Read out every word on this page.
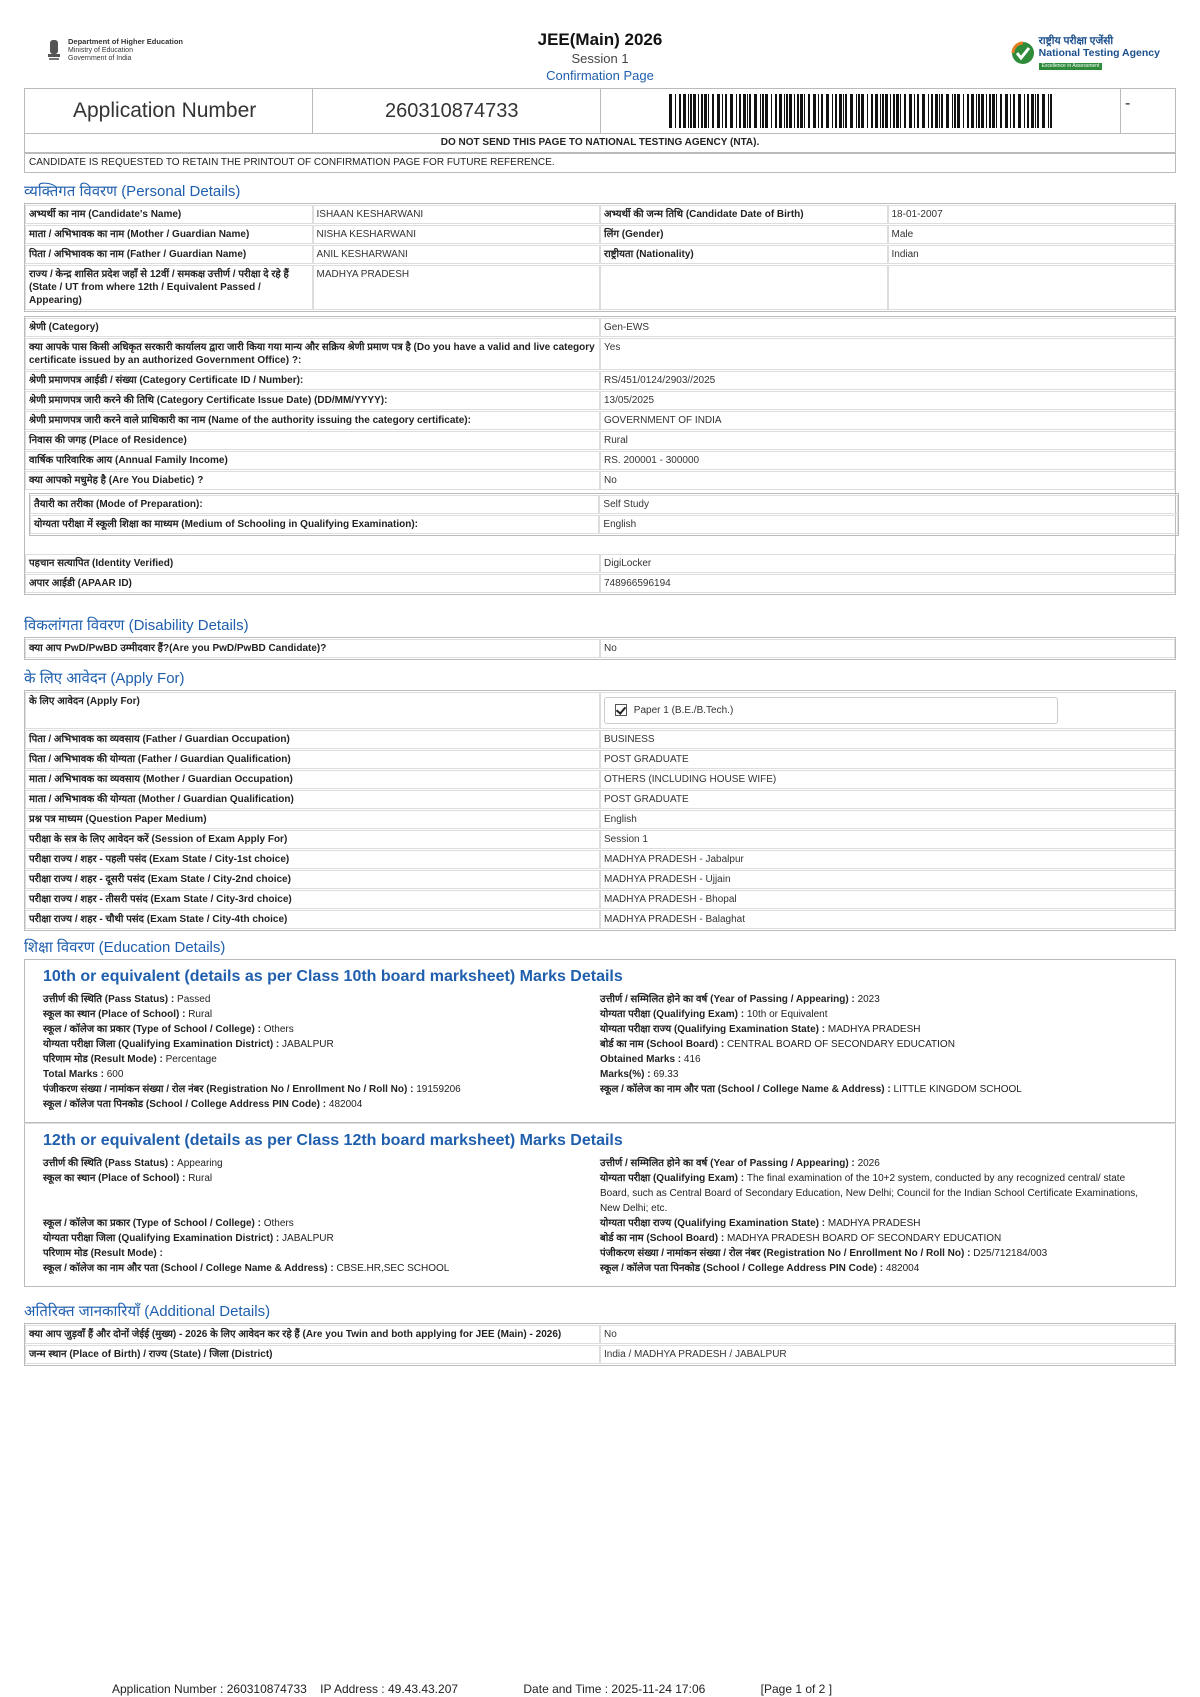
Department of Higher Education
Ministry of Education
Government of India
JEE(Main) 2026
Session 1
Confirmation Page
राष्ट्रीय परीक्षा एजेंसी
National Testing Agency
Excellence in Assessment
Application Number	260310874733	-
DO NOT SEND THIS PAGE TO NATIONAL TESTING AGENCY (NTA).
CANDIDATE IS REQUESTED TO RETAIN THE PRINTOUT OF CONFIRMATION PAGE FOR FUTURE REFERENCE.
व्यक्तिगत विवरण (Personal Details)
अभ्यर्थी का नाम (Candidate's Name)	ISHAAN KESHARWANI	अभ्यर्थी की जन्म तिथि (Candidate Date of Birth)	18-01-2007
माता / अभिभावक का नाम (Mother / Guardian Name)	NISHA KESHARWANI	लिंग (Gender)	Male
पिता / अभिभावक का नाम (Father / Guardian Name)	ANIL KESHARWANI	राष्ट्रीयता (Nationality)	Indian
राज्य / केन्द्र शासित प्रदेश जहाँ से 12वीं / समकक्ष उत्तीर्ण / परीक्षा दे रहे हैं (State / UT from where 12th / Equivalent Passed / Appearing)	MADHYA PRADESH		
श्रेणी (Category)	Gen-EWS
क्या आपके पास किसी अधिकृत सरकारी कार्यालय द्वारा जारी किया गया मान्य और सक्रिय श्रेणी प्रमाण पत्र है (Do you have a valid and live category certificate issued by an authorized Government Office) ?:	Yes
श्रेणी प्रमाणपत्र आईडी / संख्या (Category Certificate ID / Number):	RS/451/0124/2903//2025
श्रेणी प्रमाणपत्र जारी करने की तिथि (Category Certificate Issue Date) (DD/MM/YYYY):	13/05/2025
श्रेणी प्रमाणपत्र जारी करने वाले प्राधिकारी का नाम (Name of the authority issuing the category certificate):	GOVERNMENT OF INDIA
निवास की जगह (Place of Residence)	Rural
वार्षिक पारिवारिक आय (Annual Family Income)	RS. 200001 - 300000
क्या आपको मधुमेह है (Are You Diabetic) ?	No

तैयारी का तरीका (Mode of Preparation):	Self Study
योग्यता परीक्षा में स्कूली शिक्षा का माध्यम (Medium of Schooling in Qualifying Examination):	English

पहचान सत्यापित (Identity Verified)	DigiLocker
अपार आईडी (APAAR ID)	748966596194
विकलांगता विवरण (Disability Details)
क्या आप PwD/PwBD उम्मीदवार हैं?(Are you PwD/PwBD Candidate)?	No
के लिए आवेदन (Apply For)
के लिए आवेदन (Apply For)	Paper 1 (B.E./B.Tech.)

पिता / अभिभावक का व्यवसाय (Father / Guardian Occupation)	BUSINESS
पिता / अभिभावक की योग्यता (Father / Guardian Qualification)	POST GRADUATE
माता / अभिभावक का व्यवसाय (Mother / Guardian Occupation)	OTHERS (INCLUDING HOUSE WIFE)
माता / अभिभावक की योग्यता (Mother / Guardian Qualification)	POST GRADUATE
प्रश्न पत्र माध्यम (Question Paper Medium)	English
परीक्षा के सत्र के लिए आवेदन करें (Session of Exam Apply For)	Session 1
परीक्षा राज्य / शहर - पहली पसंद (Exam State / City-1st choice)	MADHYA PRADESH - Jabalpur
परीक्षा राज्य / शहर - दूसरी पसंद (Exam State / City-2nd choice)	MADHYA PRADESH - Ujjain
परीक्षा राज्य / शहर - तीसरी पसंद (Exam State / City-3rd choice)	MADHYA PRADESH - Bhopal
परीक्षा राज्य / शहर - चौथी पसंद (Exam State / City-4th choice)	MADHYA PRADESH - Balaghat
शिक्षा विवरण (Education Details)
10th or equivalent (details as per Class 10th board marksheet) Marks Details
उत्तीर्ण की स्थिति (Pass Status) : Passed
स्कूल का स्थान (Place of School) : Rural
स्कूल / कॉलेज का प्रकार (Type of School / College) : Others
योग्यता परीक्षा जिला (Qualifying Examination District) : JABALPUR
परिणाम मोड (Result Mode) : Percentage
Total Marks : 600
पंजीकरण संख्या / नामांकन संख्या / रोल नंबर (Registration No / Enrollment No / Roll No) : 19159206
स्कूल / कॉलेज पता पिनकोड (School / College Address PIN Code) : 482004
उत्तीर्ण / सम्मिलित होने का वर्ष (Year of Passing / Appearing) : 2023
योग्यता परीक्षा (Qualifying Exam) : 10th or Equivalent
योग्यता परीक्षा राज्य (Qualifying Examination State) : MADHYA PRADESH
बोर्ड का नाम (School Board) : CENTRAL BOARD OF SECONDARY EDUCATION
Obtained Marks : 416
Marks(%) : 69.33
स्कूल / कॉलेज का नाम और पता (School / College Name & Address) : LITTLE KINGDOM SCHOOL
12th or equivalent (details as per Class 12th board marksheet) Marks Details
उत्तीर्ण की स्थिति (Pass Status) : Appearing
स्कूल का स्थान (Place of School) : Rural

स्कूल / कॉलेज का प्रकार (Type of School / College) : Others
योग्यता परीक्षा जिला (Qualifying Examination District) : JABALPUR
परिणाम मोड (Result Mode) :
स्कूल / कॉलेज का नाम और पता (School / College Name & Address) : CBSE.HR,SEC SCHOOL
उत्तीर्ण / सम्मिलित होने का वर्ष (Year of Passing / Appearing) : 2026
योग्यता परीक्षा (Qualifying Exam) : The final examination of the 10+2 system, conducted by any recognized central/ state Board, such as Central Board of Secondary Education, New Delhi; Council for the Indian School Certificate Examinations, New Delhi; etc.
योग्यता परीक्षा राज्य (Qualifying Examination State) : MADHYA PRADESH
बोर्ड का नाम (School Board) : MADHYA PRADESH BOARD OF SECONDARY EDUCATION
पंजीकरण संख्या / नामांकन संख्या / रोल नंबर (Registration No / Enrollment No / Roll No) : D25/712184/003
स्कूल / कॉलेज पता पिनकोड (School / College Address PIN Code) : 482004
अतिरिक्त जानकारियाँ (Additional Details)
क्या आप जुड़वाँ हैं और दोनों जेईई (मुख्य) - 2026 के लिए आवेदन कर रहे हैं (Are you Twin and both applying for JEE (Main) - 2026)	No
जन्म स्थान (Place of Birth) / राज्य (State) / जिला (District)	India / MADHYA PRADESH / JABALPUR
Application Number : 260310874733 IP Address : 49.43.43.207	Date and Time : 2025-11-24 17:06	[Page 1 of 2 ]
